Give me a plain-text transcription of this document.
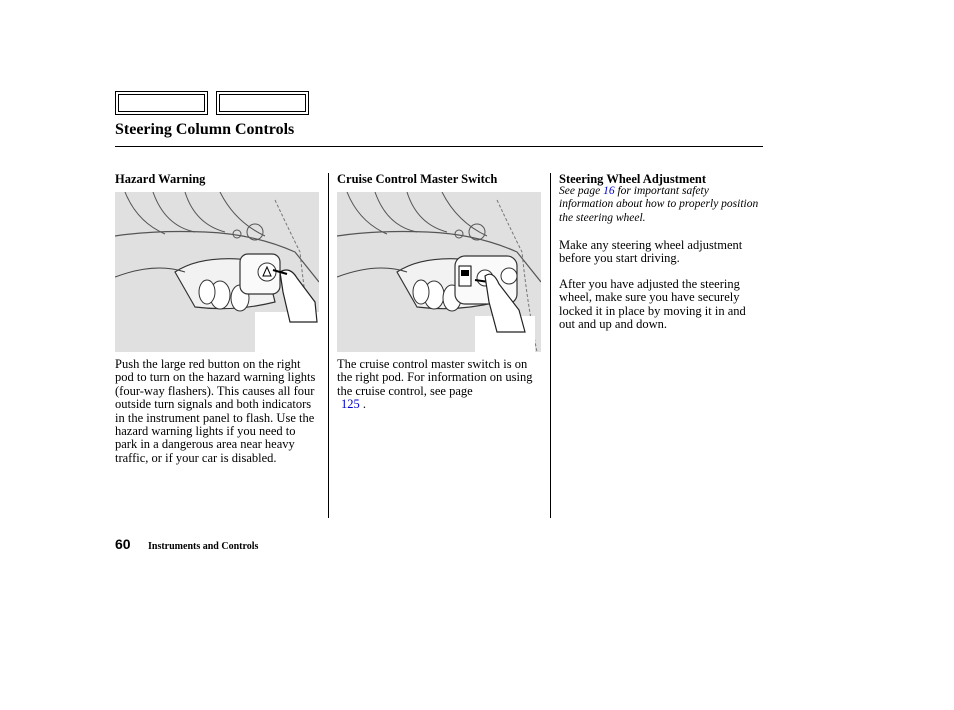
Steering Column Controls
Hazard Warning
Push the large red button on the right pod to turn on the hazard warning lights (four-way flashers). This causes all four outside turn signals and both indicators in the instrument panel to flash. Use the hazard warning lights if you need to park in a dangerous area near heavy traffic, or if your car is disabled.
Cruise Control Master Switch
The cruise control master switch is on the right pod. For information on using the cruise control, see page
125 .
Steering Wheel Adjustment
See page 16 for important safety information about how to properly position the steering wheel.
Make any steering wheel adjustment before you start driving.
After you have adjusted the steering wheel, make sure you have securely locked it in place by moving it in and out and up and down.
60 Instruments and Controls
